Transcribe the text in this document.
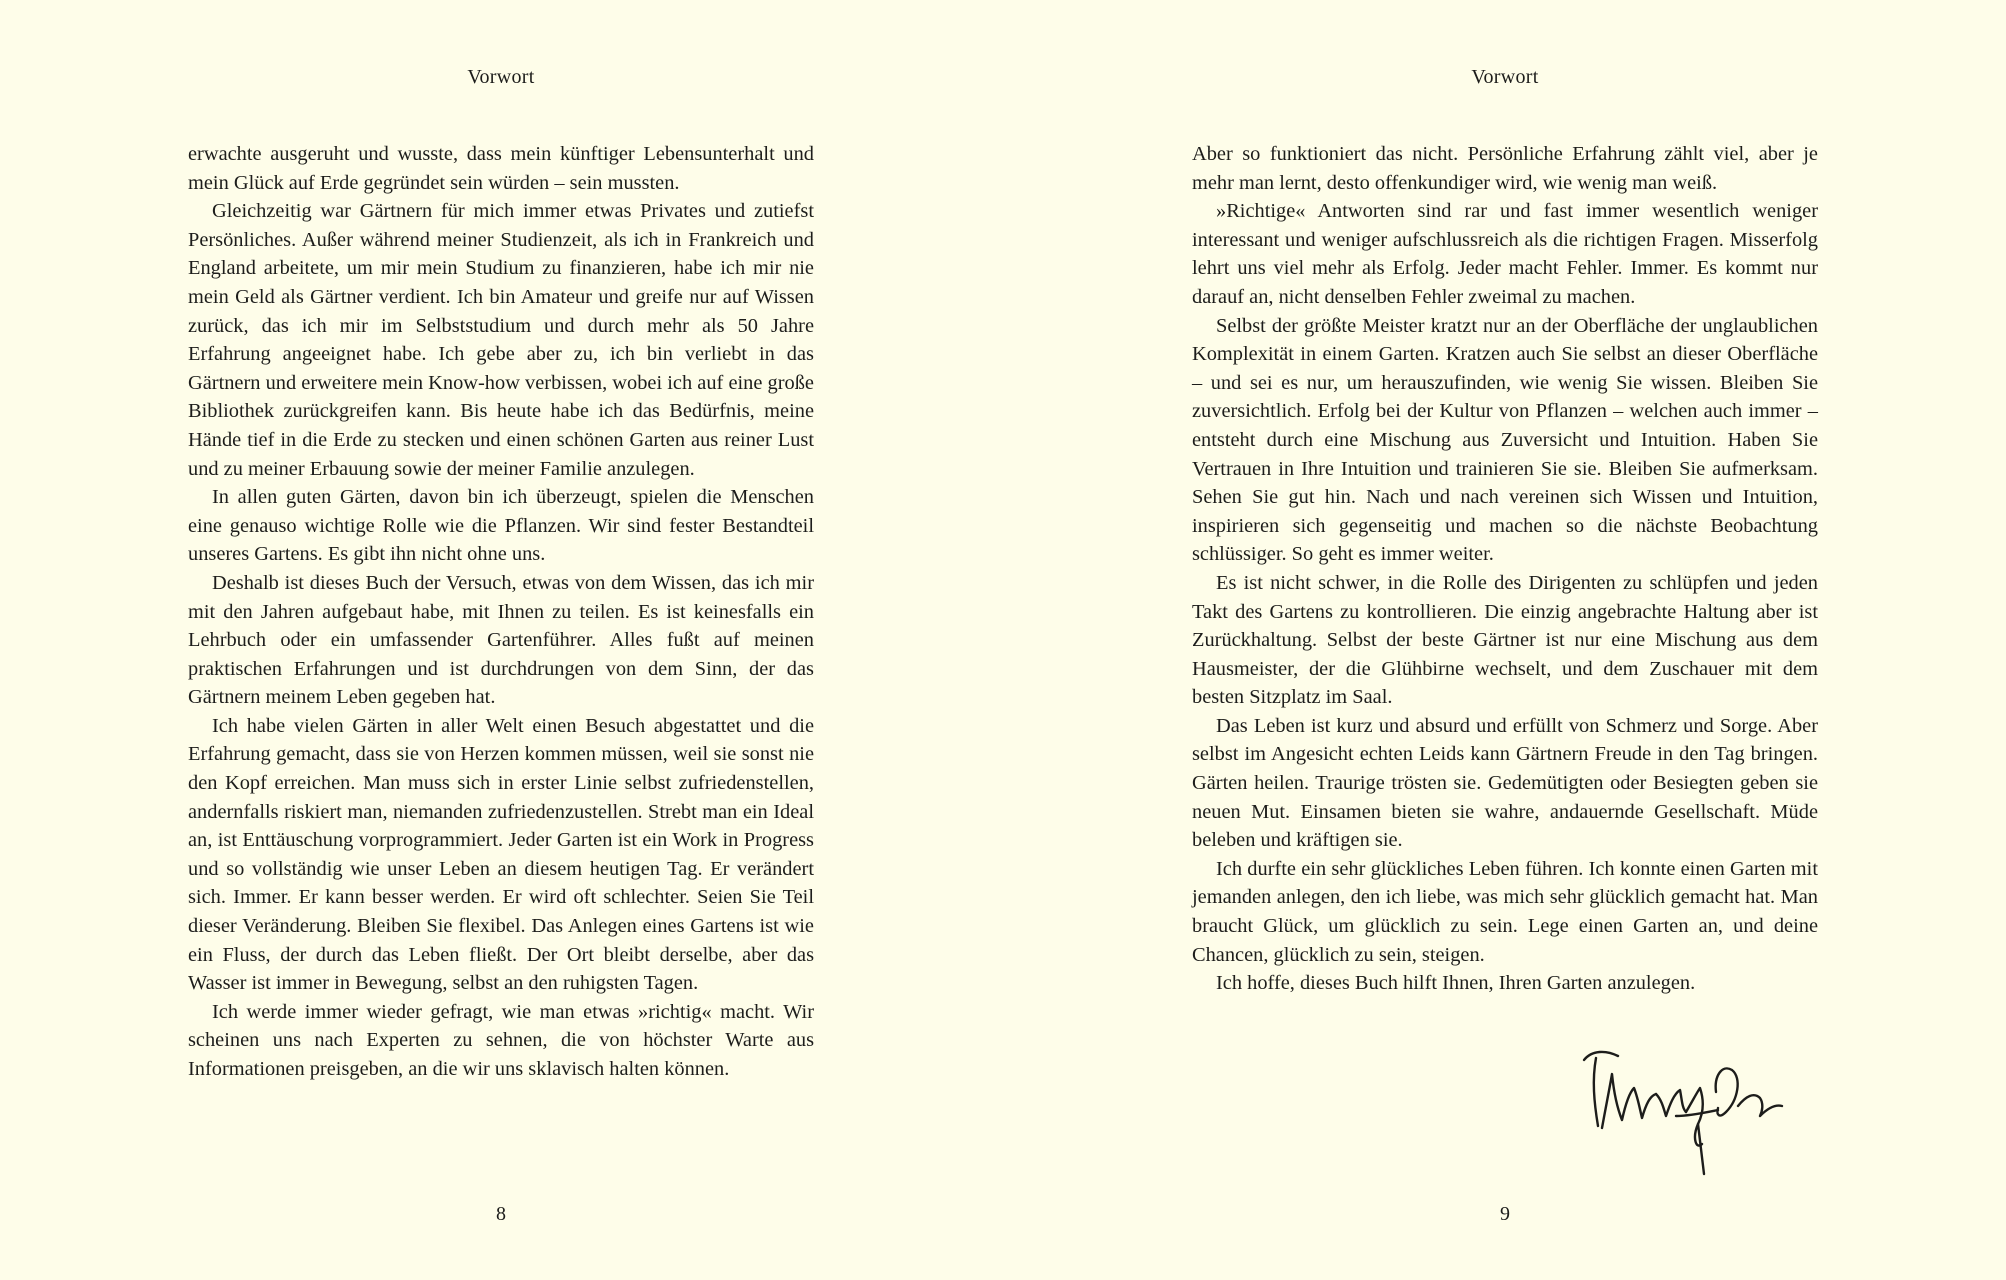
Vorwort

erwachte ausgeruht und wusste, dass mein künftiger Lebensunterhalt und mein Glück auf Erde gegründet sein würden – sein mussten.

Gleichzeitig war Gärtnern für mich immer etwas Privates und zutiefst Persönliches. Außer während meiner Studienzeit, als ich in Frankreich und England arbeitete, um mir mein Studium zu finanzieren, habe ich mir nie mein Geld als Gärtner verdient. Ich bin Amateur und greife nur auf Wissen zurück, das ich mir im Selbststudium und durch mehr als 50 Jahre Erfahrung angeeignet habe. Ich gebe aber zu, ich bin verliebt in das Gärtnern und erweitere mein Know-how verbissen, wobei ich auf eine große Bibliothek zurückgreifen kann. Bis heute habe ich das Bedürfnis, meine Hände tief in die Erde zu stecken und einen schönen Garten aus reiner Lust und zu meiner Erbauung sowie der meiner Familie anzulegen.

In allen guten Gärten, davon bin ich überzeugt, spielen die Menschen eine genauso wichtige Rolle wie die Pflanzen. Wir sind fester Bestandteil unseres Gartens. Es gibt ihn nicht ohne uns.

Deshalb ist dieses Buch der Versuch, etwas von dem Wissen, das ich mir mit den Jahren aufgebaut habe, mit Ihnen zu teilen. Es ist keinesfalls ein Lehrbuch oder ein umfassender Gartenführer. Alles fußt auf meinen praktischen Erfahrungen und ist durchdrungen von dem Sinn, der das Gärtnern meinem Leben gegeben hat.

Ich habe vielen Gärten in aller Welt einen Besuch abgestattet und die Erfahrung gemacht, dass sie von Herzen kommen müssen, weil sie sonst nie den Kopf erreichen. Man muss sich in erster Linie selbst zufriedenstellen, andernfalls riskiert man, niemanden zufriedenzustellen. Strebt man ein Ideal an, ist Enttäuschung vorprogrammiert. Jeder Garten ist ein Work in Progress und so vollständig wie unser Leben an diesem heutigen Tag. Er verändert sich. Immer. Er kann besser werden. Er wird oft schlechter. Seien Sie Teil dieser Veränderung. Bleiben Sie flexibel. Das Anlegen eines Gartens ist wie ein Fluss, der durch das Leben fließt. Der Ort bleibt derselbe, aber das Wasser ist immer in Bewegung, selbst an den ruhigsten Tagen.

Ich werde immer wieder gefragt, wie man etwas »richtig« macht. Wir scheinen uns nach Experten zu sehnen, die von höchster Warte aus Informationen preisgeben, an die wir uns sklavisch halten können.

8
Vorwort

Aber so funktioniert das nicht. Persönliche Erfahrung zählt viel, aber je mehr man lernt, desto offenkundiger wird, wie wenig man weiß.

»Richtige« Antworten sind rar und fast immer wesentlich weniger interessant und weniger aufschlussreich als die richtigen Fragen. Misserfolg lehrt uns viel mehr als Erfolg. Jeder macht Fehler. Immer. Es kommt nur darauf an, nicht denselben Fehler zweimal zu machen.

Selbst der größte Meister kratzt nur an der Oberfläche der unglaublichen Komplexität in einem Garten. Kratzen auch Sie selbst an dieser Oberfläche – und sei es nur, um herauszufinden, wie wenig Sie wissen. Bleiben Sie zuversichtlich. Erfolg bei der Kultur von Pflanzen – welchen auch immer – entsteht durch eine Mischung aus Zuversicht und Intuition. Haben Sie Vertrauen in Ihre Intuition und trainieren Sie sie. Bleiben Sie aufmerksam. Sehen Sie gut hin. Nach und nach vereinen sich Wissen und Intuition, inspirieren sich gegenseitig und machen so die nächste Beobachtung schlüssiger. So geht es immer weiter.

Es ist nicht schwer, in die Rolle des Dirigenten zu schlüpfen und jeden Takt des Gartens zu kontrollieren. Die einzig angebrachte Haltung aber ist Zurückhaltung. Selbst der beste Gärtner ist nur eine Mischung aus dem Hausmeister, der die Glühbirne wechselt, und dem Zuschauer mit dem besten Sitzplatz im Saal.

Das Leben ist kurz und absurd und erfüllt von Schmerz und Sorge. Aber selbst im Angesicht echten Leids kann Gärtnern Freude in den Tag bringen. Gärten heilen. Traurige trösten sie. Gedemütigten oder Besiegten geben sie neuen Mut. Einsamen bieten sie wahre, andauernde Gesellschaft. Müde beleben und kräftigen sie.

Ich durfte ein sehr glückliches Leben führen. Ich konnte einen Garten mit jemanden anlegen, den ich liebe, was mich sehr glücklich gemacht hat. Man braucht Glück, um glücklich zu sein. Lege einen Garten an, und deine Chancen, glücklich zu sein, steigen.

Ich hoffe, dieses Buch hilft Ihnen, Ihren Garten anzulegen.

9
